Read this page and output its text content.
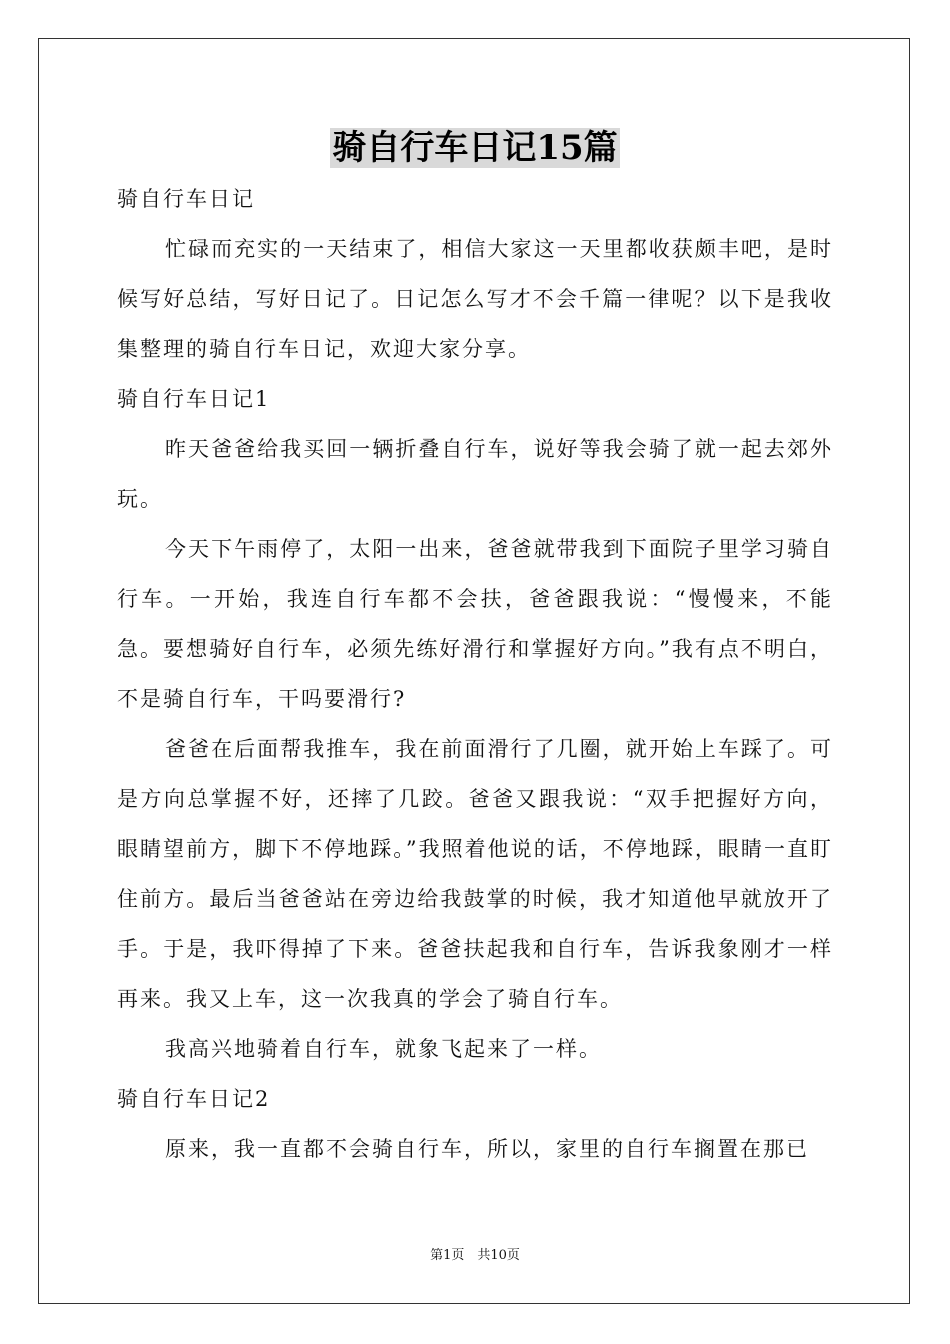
骑自行车日记15篇
骑自行车日记

忙碌而充实的一天结束了，相信大家这一天里都收获颇丰吧，是时候写好总结，写好日记了。日记怎么写才不会千篇一律呢？以下是我收集整理的骑自行车日记，欢迎大家分享。

骑自行车日记1

昨天爸爸给我买回一辆折叠自行车，说好等我会骑了就一起去郊外玩。

今天下午雨停了，太阳一出来，爸爸就带我到下面院子里学习骑自行车。一开始，我连自行车都不会扶，爸爸跟我说：“慢慢来，不能急。要想骑好自行车，必须先练好滑行和掌握好方向。”我有点不明白，不是骑自行车，干吗要滑行?

爸爸在后面帮我推车，我在前面滑行了几圈，就开始上车踩了。可是方向总掌握不好，还摔了几跤。爸爸又跟我说：“双手把握好方向，眼睛望前方，脚下不停地踩。”我照着他说的话，不停地踩，眼睛一直盯住前方。最后当爸爸站在旁边给我鼓掌的时候，我才知道他早就放开了手。于是，我吓得掉了下来。爸爸扶起我和自行车，告诉我象刚才一样再来。我又上车，这一次我真的学会了骑自行车。

我高兴地骑着自行车，就象飞起来了一样。

骑自行车日记2

原来，我一直都不会骑自行车，所以，家里的自行车搁置在那已

第1页　共10页
